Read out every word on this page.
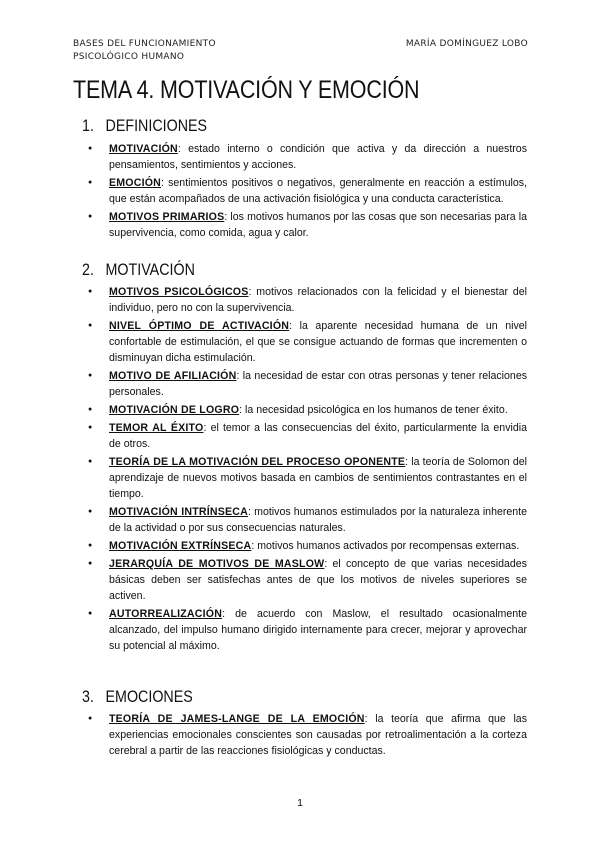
BASES DEL FUNCIONAMIENTO
PSICOLÓGICO HUMANO
MARÍA DOMÍNGUEZ LOBO
TEMA 4. MOTIVACIÓN Y EMOCIÓN
1. DEFINICIONES
● MOTIVACIÓN: estado interno o condición que activa y da dirección a nuestros pensamientos, sentimientos y acciones.
● EMOCIÓN: sentimientos positivos o negativos, generalmente en reacción a estímulos, que están acompañados de una activación fisiológica y una conducta característica.
● MOTIVOS PRIMARIOS: los motivos humanos por las cosas que son necesarias para la supervivencia, como comida, agua y calor.
2. MOTIVACIÓN
● MOTIVOS PSICOLÓGICOS: motivos relacionados con la felicidad y el bienestar del individuo, pero no con la supervivencia.
● NIVEL ÓPTIMO DE ACTIVACIÓN: la aparente necesidad humana de un nivel confortable de estimulación, el que se consigue actuando de formas que incrementen o disminuyan dicha estimulación.
● MOTIVO DE AFILIACIÓN: la necesidad de estar con otras personas y tener relaciones personales.
● MOTIVACIÓN DE LOGRO: la necesidad psicológica en los humanos de tener éxito.
● TEMOR AL ÉXITO: el temor a las consecuencias del éxito, particularmente la envidia de otros.
● TEORÍA DE LA MOTIVACIÓN DEL PROCESO OPONENTE: la teoría de Solomon del aprendizaje de nuevos motivos basada en cambios de sentimientos contrastantes en el tiempo.
● MOTIVACIÓN INTRÍNSECA: motivos humanos estimulados por la naturaleza inherente de la actividad o por sus consecuencias naturales.
● MOTIVACIÓN EXTRÍNSECA: motivos humanos activados por recompensas externas.
● JERARQUÍA DE MOTIVOS DE MASLOW: el concepto de que varias necesidades básicas deben ser satisfechas antes de que los motivos de niveles superiores se activen.
● AUTORREALIZACIÓN: de acuerdo con Maslow, el resultado ocasionalmente alcanzado, del impulso humano dirigido internamente para crecer, mejorar y aprovechar su potencial al máximo.
3. EMOCIONES
● TEORÍA DE JAMES-LANGE DE LA EMOCIÓN: la teoría que afirma que las experiencias emocionales conscientes son causadas por retroalimentación a la corteza cerebral a partir de las reacciones fisiológicas y conductas.
1
